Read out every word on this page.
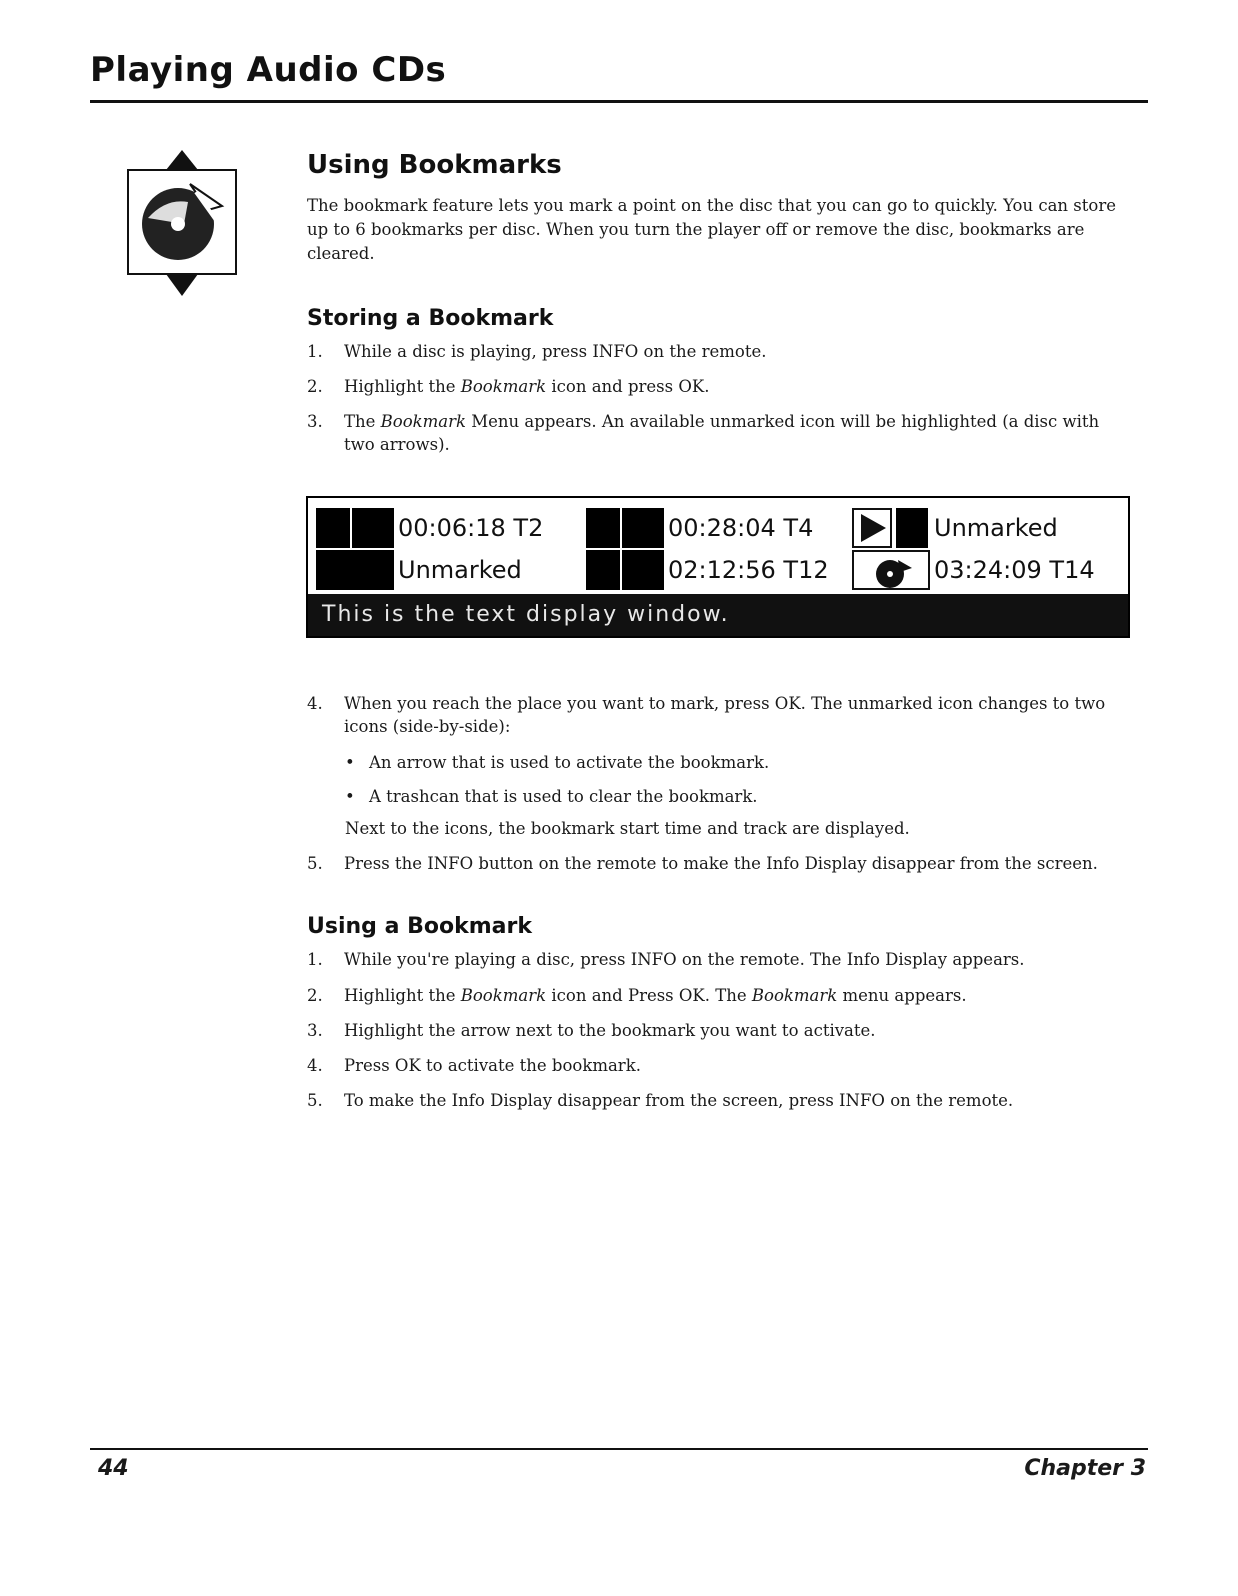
Playing Audio CDs
Using Bookmarks

The bookmark feature lets you mark a point on the disc that you can go to quickly. You can store

up to 6 bookmarks per disc. When you turn the player off or remove the disc, bookmarks are

cleared.

Storing a Bookmark
1. While a disc is playing, press INFO on the remote.
2. Highlight the Bookmark icon and press OK.
3. The Bookmark Menu appears. An available unmarked icon will be highlighted (a disc with two arrows).
00:06:18 T2	00:28:04 T4	Unmarked
Unmarked	02:12:56 T12	03:24:09 T14
This is the text display window.
4. When you reach the place you want to mark, press OK. The unmarked icon changes to two icons (side-by-side):
• An arrow that is used to activate the bookmark.
• A trashcan that is used to clear the bookmark.
Next to the icons, the bookmark start time and track are displayed.
5. Press the INFO button on the remote to make the Info Display disappear from the screen.
Using a Bookmark
1. While you're playing a disc, press INFO on the remote. The Info Display appears.
2. Highlight the Bookmark icon and Press OK. The Bookmark menu appears.
3. Highlight the arrow next to the bookmark you want to activate.
4. Press OK to activate the bookmark.
5. To make the Info Display disappear from the screen, press INFO on the remote.
44	Chapter 3
